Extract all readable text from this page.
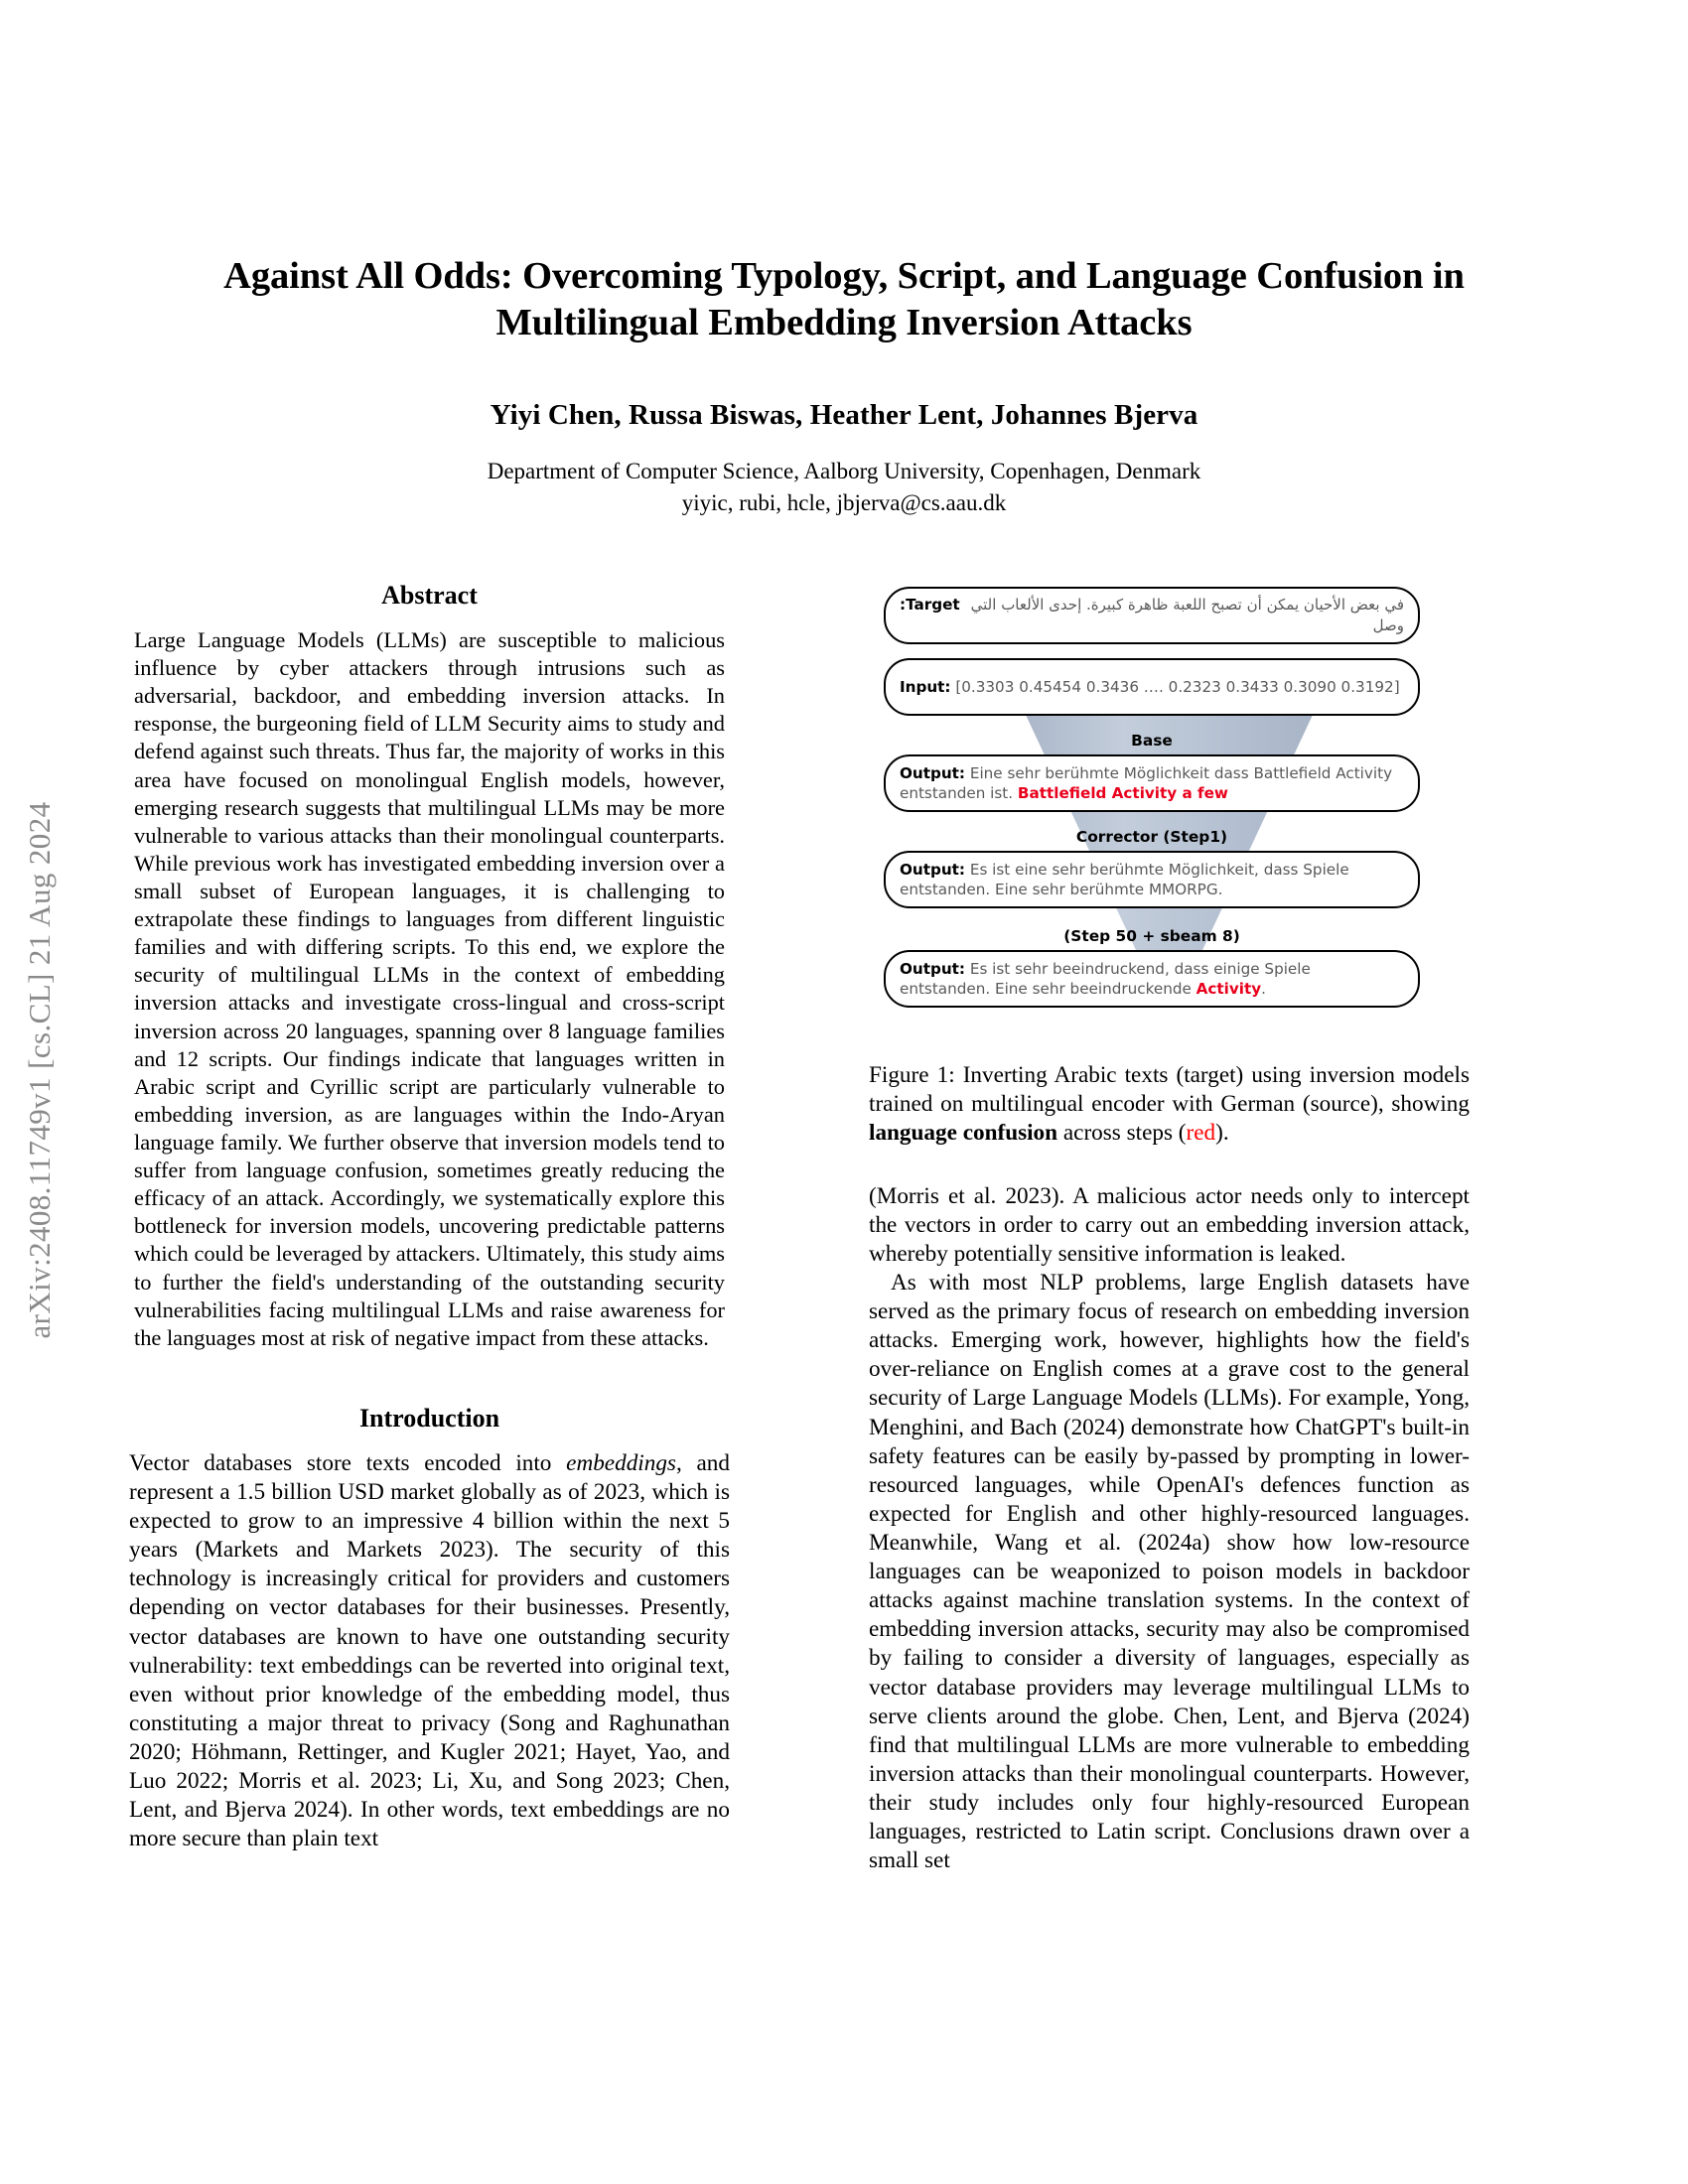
arXiv:2408.11749v1 [cs.CL] 21 Aug 2024
Against All Odds: Overcoming Typology, Script, and Language Confusion in Multilingual Embedding Inversion Attacks
Yiyi Chen, Russa Biswas, Heather Lent, Johannes Bjerva
Department of Computer Science, Aalborg University, Copenhagen, Denmark
yiyic, rubi, hcle, jbjerva@cs.aau.dk
Abstract

Large Language Models (LLMs) are susceptible to malicious influence by cyber attackers through intrusions such as adversarial, backdoor, and embedding inversion attacks. In response, the burgeoning field of LLM Security aims to study and defend against such threats. Thus far, the majority of works in this area have focused on monolingual English models, however, emerging research suggests that multilingual LLMs may be more vulnerable to various attacks than their monolingual counterparts. While previous work has investigated embedding inversion over a small subset of European languages, it is challenging to extrapolate these findings to languages from different linguistic families and with differing scripts. To this end, we explore the security of multilingual LLMs in the context of embedding inversion attacks and investigate cross-lingual and cross-script inversion across 20 languages, spanning over 8 language families and 12 scripts. Our findings indicate that languages written in Arabic script and Cyrillic script are particularly vulnerable to embedding inversion, as are languages within the Indo-Aryan language family. We further observe that inversion models tend to suffer from language confusion, sometimes greatly reducing the efficacy of an attack. Accordingly, we systematically explore this bottleneck for inversion models, uncovering predictable patterns which could be leveraged by attackers. Ultimately, this study aims to further the field's understanding of the outstanding security vulnerabilities facing multilingual LLMs and raise awareness for the languages most at risk of negative impact from these attacks.

Introduction

Vector databases store texts encoded into embeddings, and represent a 1.5 billion USD market globally as of 2023, which is expected to grow to an impressive 4 billion within the next 5 years (Markets and Markets 2023). The security of this technology is increasingly critical for providers and customers depending on vector databases for their businesses. Presently, vector databases are known to have one outstanding security vulnerability: text embeddings can be reverted into original text, even without prior knowledge of the embedding model, thus constituting a major threat to privacy (Song and Raghunathan 2020; Höhmann, Rettinger, and Kugler 2021; Hayet, Yao, and Luo 2022; Morris et al. 2023; Li, Xu, and Song 2023; Chen, Lent, and Bjerva 2024). In other words, text embeddings are no more secure than plain text

Target: في بعض الأحيان يمكن أن تصبح اللعبة ظاهرة كبيرة. إحدى الألعاب التي وصل
Input: [0.3303 0.45454 0.3436 …. 0.2323 0.3433 0.3090 0.3192]
Base
Output: Eine sehr berühmte Möglichkeit dass Battlefield Activity entstanden ist. Battlefield Activity a few
Corrector (Step1)
Output: Es ist eine sehr berühmte Möglichkeit, dass Spiele entstanden. Eine sehr berühmte MMORPG.
(Step 50 + sbeam 8)
Output: Es ist sehr beeindruckend, dass einige Spiele entstanden. Eine sehr beeindruckende Activity.
Figure 1: Inverting Arabic texts (target) using inversion models trained on multilingual encoder with German (source), showing language confusion across steps (red).

(Morris et al. 2023). A malicious actor needs only to intercept the vectors in order to carry out an embedding inversion attack, whereby potentially sensitive information is leaked.

As with most NLP problems, large English datasets have served as the primary focus of research on embedding inversion attacks. Emerging work, however, highlights how the field's over-reliance on English comes at a grave cost to the general security of Large Language Models (LLMs). For example, Yong, Menghini, and Bach (2024) demonstrate how ChatGPT's built-in safety features can be easily by-passed by prompting in lower-resourced languages, while OpenAI's defences function as expected for English and other highly-resourced languages. Meanwhile, Wang et al. (2024a) show how low-resource languages can be weaponized to poison models in backdoor attacks against machine translation systems. In the context of embedding inversion attacks, security may also be compromised by failing to consider a diversity of languages, especially as vector database providers may leverage multilingual LLMs to serve clients around the globe. Chen, Lent, and Bjerva (2024) find that multilingual LLMs are more vulnerable to embedding inversion attacks than their monolingual counterparts. However, their study includes only four highly-resourced European languages, restricted to Latin script. Conclusions drawn over a small set
